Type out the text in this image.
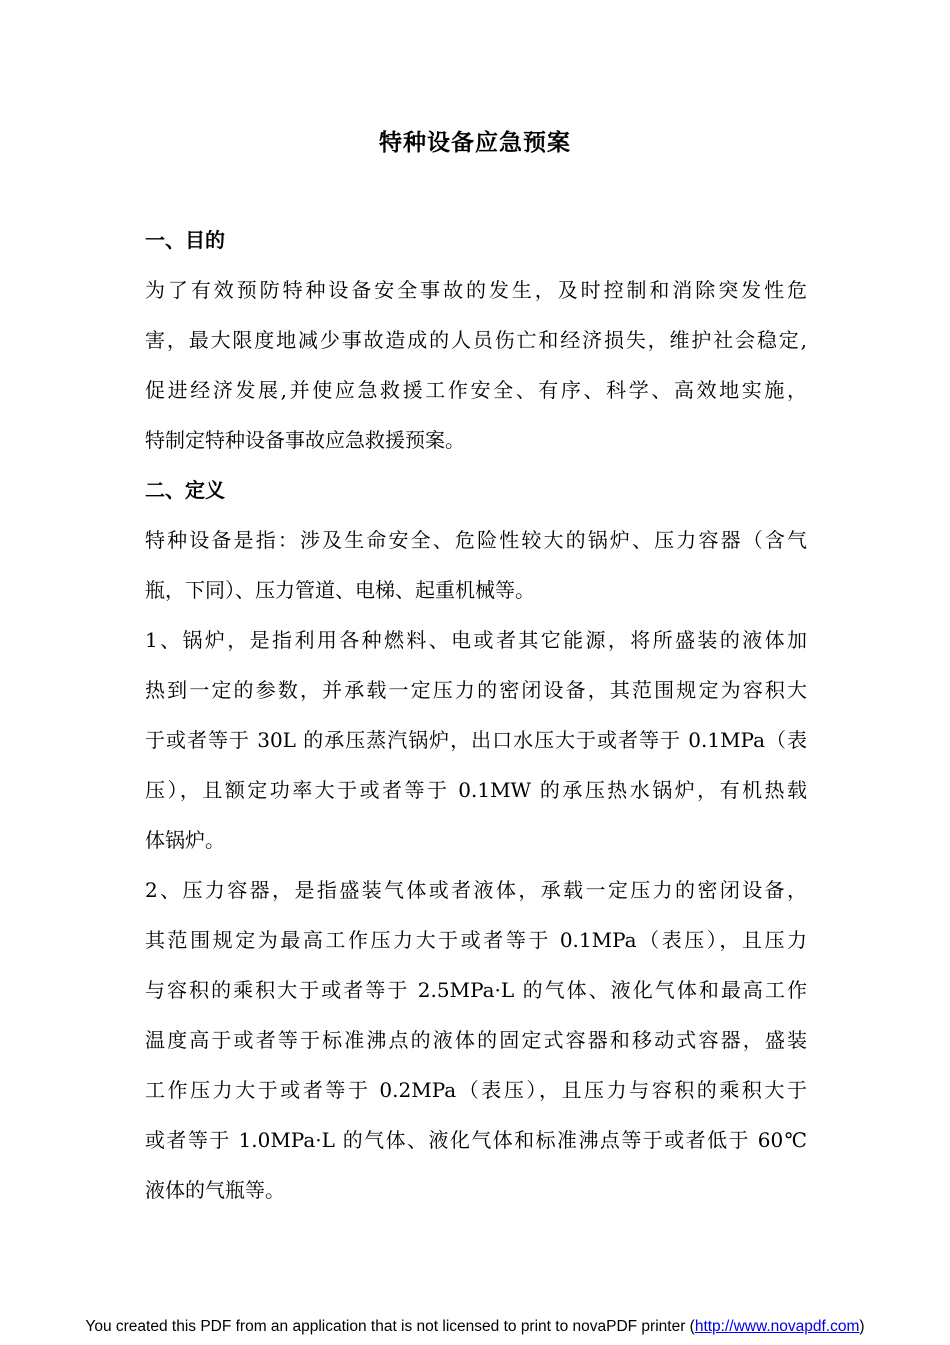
特种设备应急预案
一、目的
为了有效预防特种设备安全事故的发生，及时控制和消除突发性危
害，最大限度地减少事故造成的人员伤亡和经济损失，维护社会稳定,
促进经济发展,并使应急救援工作安全、有序、科学、高效地实施，
特制定特种设备事故应急救援预案。
二、定义
特种设备是指：涉及生命安全、危险性较大的锅炉、压力容器（含气
瓶，下同）、压力管道、电梯、起重机械等。
1、锅炉，是指利用各种燃料、电或者其它能源，将所盛装的液体加
热到一定的参数，并承载一定压力的密闭设备，其范围规定为容积大
于或者等于 30L 的承压蒸汽锅炉，出口水压大于或者等于 0.1MPa（表
压），且额定功率大于或者等于 0.1MW 的承压热水锅炉，有机热载
体锅炉。
2、压力容器，是指盛装气体或者液体，承载一定压力的密闭设备，
其范围规定为最高工作压力大于或者等于 0.1MPa（表压），且压力
与容积的乘积大于或者等于 2.5MPa·L 的气体、液化气体和最高工作
温度高于或者等于标准沸点的液体的固定式容器和移动式容器，盛装
工作压力大于或者等于 0.2MPa（表压），且压力与容积的乘积大于
或者等于 1.0MPa·L 的气体、液化气体和标准沸点等于或者低于 60℃
液体的气瓶等。
You created this PDF from an application that is not licensed to print to novaPDF printer (http://www.novapdf.com)
